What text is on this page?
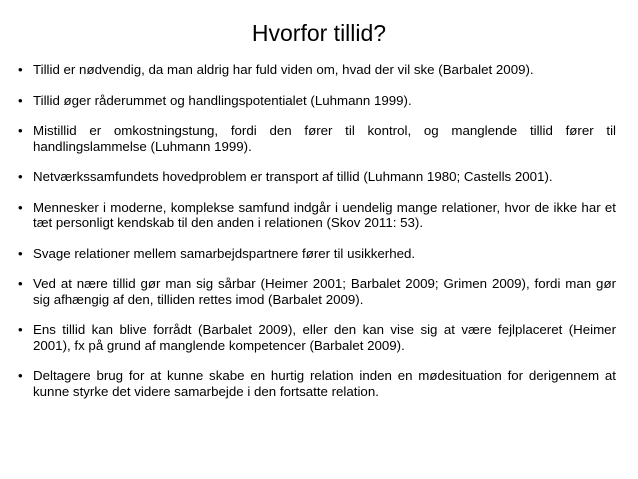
Hvorfor tillid?
• Tillid er nødvendig, da man aldrig har fuld viden om, hvad der vil ske (Barbalet 2009).
• Tillid øger råderummet og handlingspotentialet (Luhmann 1999).
• Mistillid er omkostningstung, fordi den fører til kontrol, og manglende tillid fører til handlingslammelse (Luhmann 1999).
• Netværkssamfundets hovedproblem er transport af tillid (Luhmann 1980; Castells 2001).
• Mennesker i moderne, komplekse samfund indgår i uendelig mange relationer, hvor de ikke har et tæt personligt kendskab til den anden i relationen (Skov 2011: 53).
• Svage relationer mellem samarbejdspartnere fører til usikkerhed.
• Ved at nære tillid gør man sig sårbar (Heimer 2001; Barbalet 2009; Grimen 2009), fordi man gør sig afhængig af den, tilliden rettes imod (Barbalet 2009).
• Ens tillid kan blive forrådt (Barbalet 2009), eller den kan vise sig at være fejlplaceret (Heimer 2001), fx på grund af manglende kompetencer (Barbalet 2009).
• Deltagere brug for at kunne skabe en hurtig relation inden en mødesituation for derigennem at kunne styrke det videre samarbejde i den fortsatte relation.
